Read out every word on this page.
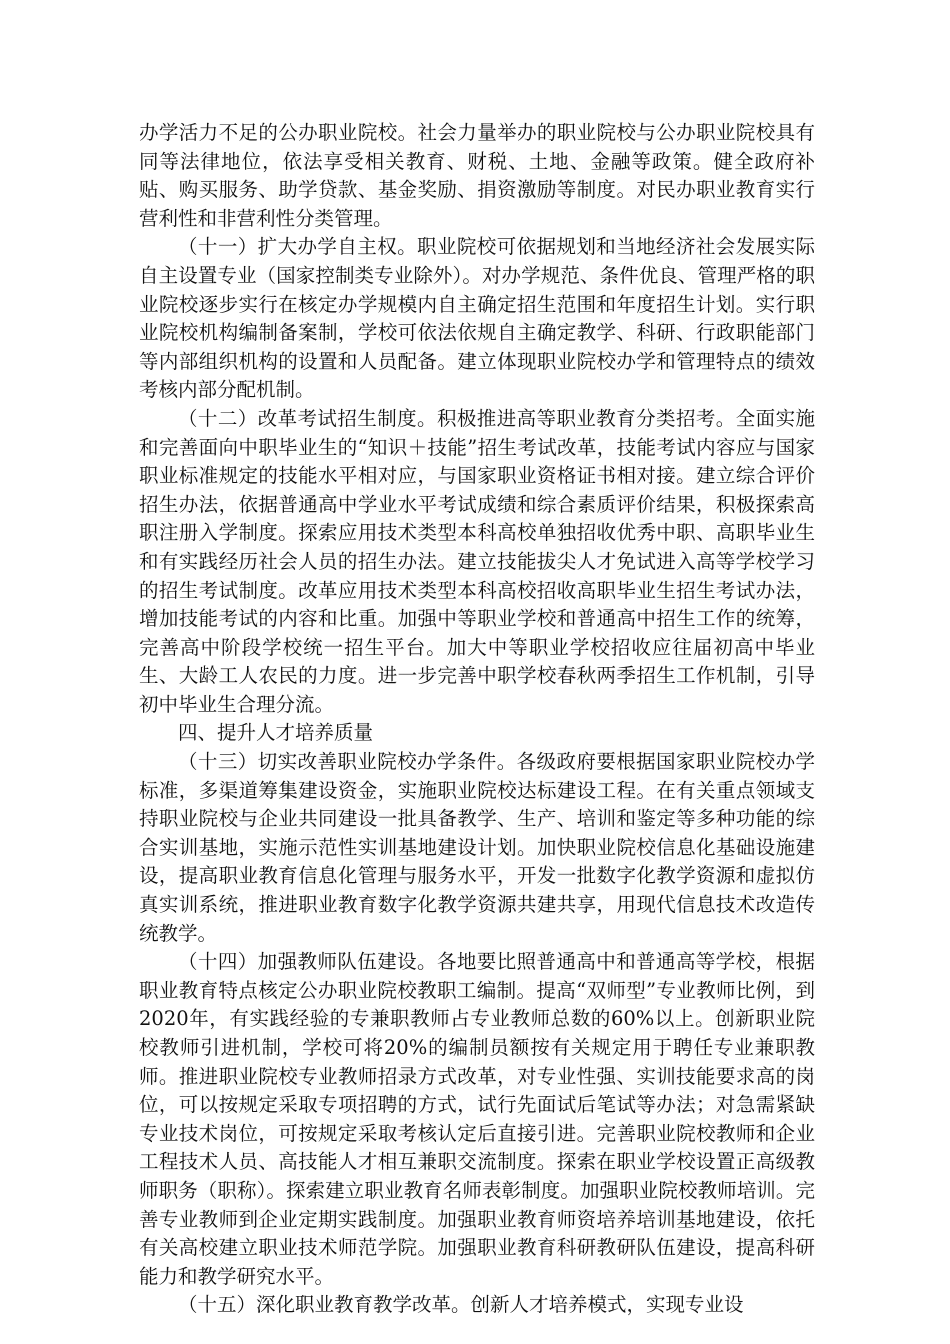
办学活力不足的公办职业院校。社会力量举办的职业院校与公办职业院校具有同等法律地位，依法享受相关教育、财税、土地、金融等政策。健全政府补贴、购买服务、助学贷款、基金奖励、捐资激励等制度。对民办职业教育实行营利性和非营利性分类管理。

（十一）扩大办学自主权。职业院校可依据规划和当地经济社会发展实际自主设置专业（国家控制类专业除外）。对办学规范、条件优良、管理严格的职业院校逐步实行在核定办学规模内自主确定招生范围和年度招生计划。实行职业院校机构编制备案制，学校可依法依规自主确定教学、科研、行政职能部门等内部组织机构的设置和人员配备。建立体现职业院校办学和管理特点的绩效考核内部分配机制。

（十二）改革考试招生制度。积极推进高等职业教育分类招考。全面实施和完善面向中职毕业生的“知识＋技能”招生考试改革，技能考试内容应与国家职业标准规定的技能水平相对应，与国家职业资格证书相对接。建立综合评价招生办法，依据普通高中学业水平考试成绩和综合素质评价结果，积极探索高职注册入学制度。探索应用技术类型本科高校单独招收优秀中职、高职毕业生和有实践经历社会人员的招生办法。建立技能拔尖人才免试进入高等学校学习的招生考试制度。改革应用技术类型本科高校招收高职毕业生招生考试办法，增加技能考试的内容和比重。加强中等职业学校和普通高中招生工作的统筹，完善高中阶段学校统一招生平台。加大中等职业学校招收应往届初高中毕业生、大龄工人农民的力度。进一步完善中职学校春秋两季招生工作机制，引导初中毕业生合理分流。

四、提升人才培养质量

（十三）切实改善职业院校办学条件。各级政府要根据国家职业院校办学标准，多渠道筹集建设资金，实施职业院校达标建设工程。在有关重点领域支持职业院校与企业共同建设一批具备教学、生产、培训和鉴定等多种功能的综合实训基地，实施示范性实训基地建设计划。加快职业院校信息化基础设施建设，提高职业教育信息化管理与服务水平，开发一批数字化教学资源和虚拟仿真实训系统，推进职业教育数字化教学资源共建共享，用现代信息技术改造传统教学。

（十四）加强教师队伍建设。各地要比照普通高中和普通高等学校，根据职业教育特点核定公办职业院校教职工编制。提高“双师型”专业教师比例，到2020年，有实践经验的专兼职教师占专业教师总数的60%以上。创新职业院校教师引进机制，学校可将20%的编制员额按有关规定用于聘任专业兼职教师。推进职业院校专业教师招录方式改革，对专业性强、实训技能要求高的岗位，可以按规定采取专项招聘的方式，试行先面试后笔试等办法；对急需紧缺专业技术岗位，可按规定采取考核认定后直接引进。完善职业院校教师和企业工程技术人员、高技能人才相互兼职交流制度。探索在职业学校设置正高级教师职务（职称）。探索建立职业教育名师表彰制度。加强职业院校教师培训。完善专业教师到企业定期实践制度。加强职业教育师资培养培训基地建设，依托有关高校建立职业技术师范学院。加强职业教育科研教研队伍建设，提高科研能力和教学研究水平。

（十五）深化职业教育教学改革。创新人才培养模式，实现专业设
